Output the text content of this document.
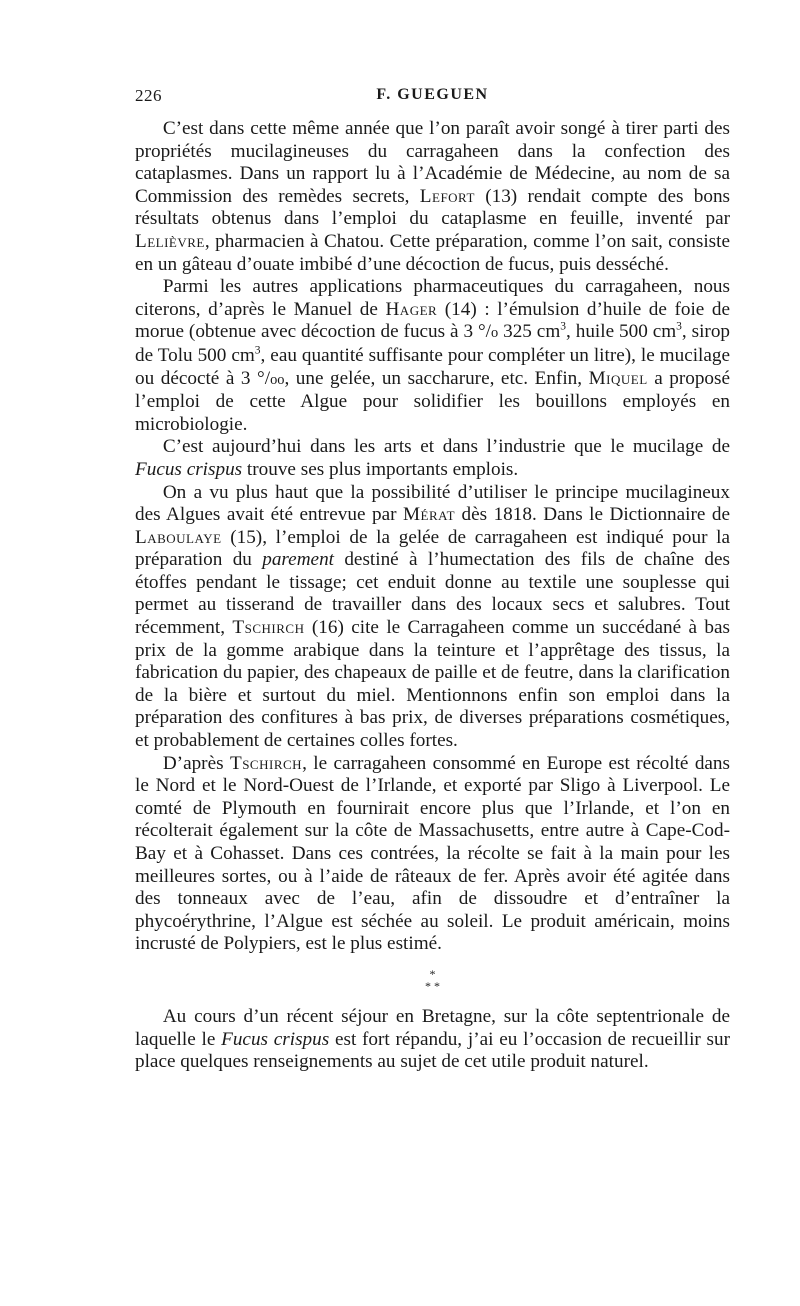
226	F. GUEGUEN

C’est dans cette même année que l’on paraît avoir songé à tirer parti des propriétés mucilagineuses du carragaheen dans la confection des cataplasmes. Dans un rapport lu à l’Académie de Médecine, au nom de sa Commission des remèdes secrets, Lefort (13) rendait compte des bons résultats obtenus dans l’emploi du cataplasme en feuille, inventé par Lelièvre, pharmacien à Chatou. Cette préparation, comme l’on sait, consiste en un gâteau d’ouate imbibé d’une décoction de fucus, puis desséché.

Parmi les autres applications pharmaceutiques du carragaheen, nous citerons, d’après le Manuel de Hager (14) : l’émulsion d’huile de foie de morue (obtenue avec décoction de fucus à 3 °/o 325 $cm^3$, huile 500 $cm^3$, sirop de Tolu 500 $cm^3$, eau quantité suffisante pour compléter un litre), le mucilage ou décocté à 3 °/oo, une gelée, un saccharure, etc. Enfin, Miquel a proposé l’emploi de cette Algue pour solidifier les bouillons employés en microbiologie.

C’est aujourd’hui dans les arts et dans l’industrie que le mucilage de Fucus crispus trouve ses plus importants emplois.

On a vu plus haut que la possibilité d’utiliser le principe mucilagineux des Algues avait été entrevue par Mérat dès 1818. Dans le Dictionnaire de Laboulaye (15), l’emploi de la gelée de carragaheen est indiqué pour la préparation du parement destiné à l’humectation des fils de chaîne des étoffes pendant le tissage; cet enduit donne au textile une souplesse qui permet au tisserand de travailler dans des locaux secs et salubres. Tout récemment, Tschirch (16) cite le Carragaheen comme un succédané à bas prix de la gomme arabique dans la teinture et l’apprêtage des tissus, la fabrication du papier, des chapeaux de paille et de feutre, dans la clarification de la bière et surtout du miel. Mentionnons enfin son emploi dans la préparation des confitures à bas prix, de diverses préparations cosmétiques, et probablement de certaines colles fortes.

D’après Tschirch, le carragaheen consommé en Europe est récolté dans le Nord et le Nord-Ouest de l’Irlande, et exporté par Sligo à Liverpool. Le comté de Plymouth en fournirait encore plus que l’Irlande, et l’on en récolterait également sur la côte de Massachusetts, entre autre à Cape-Cod-Bay et à Cohasset. Dans ces contrées, la récolte se fait à la main pour les meilleures sortes, ou à l’aide de râteaux de fer. Après avoir été agitée dans des tonneaux avec de l’eau, afin de dissoudre et d’entraîner la phycoérythrine, l’Algue est séchée au soleil. Le produit américain, moins incrusté de Polypiers, est le plus estimé.

*
* *

Au cours d’un récent séjour en Bretagne, sur la côte septentrionale de laquelle le Fucus crispus est fort répandu, j’ai eu l’occasion de recueillir sur place quelques renseignements au sujet de cet utile produit naturel.
